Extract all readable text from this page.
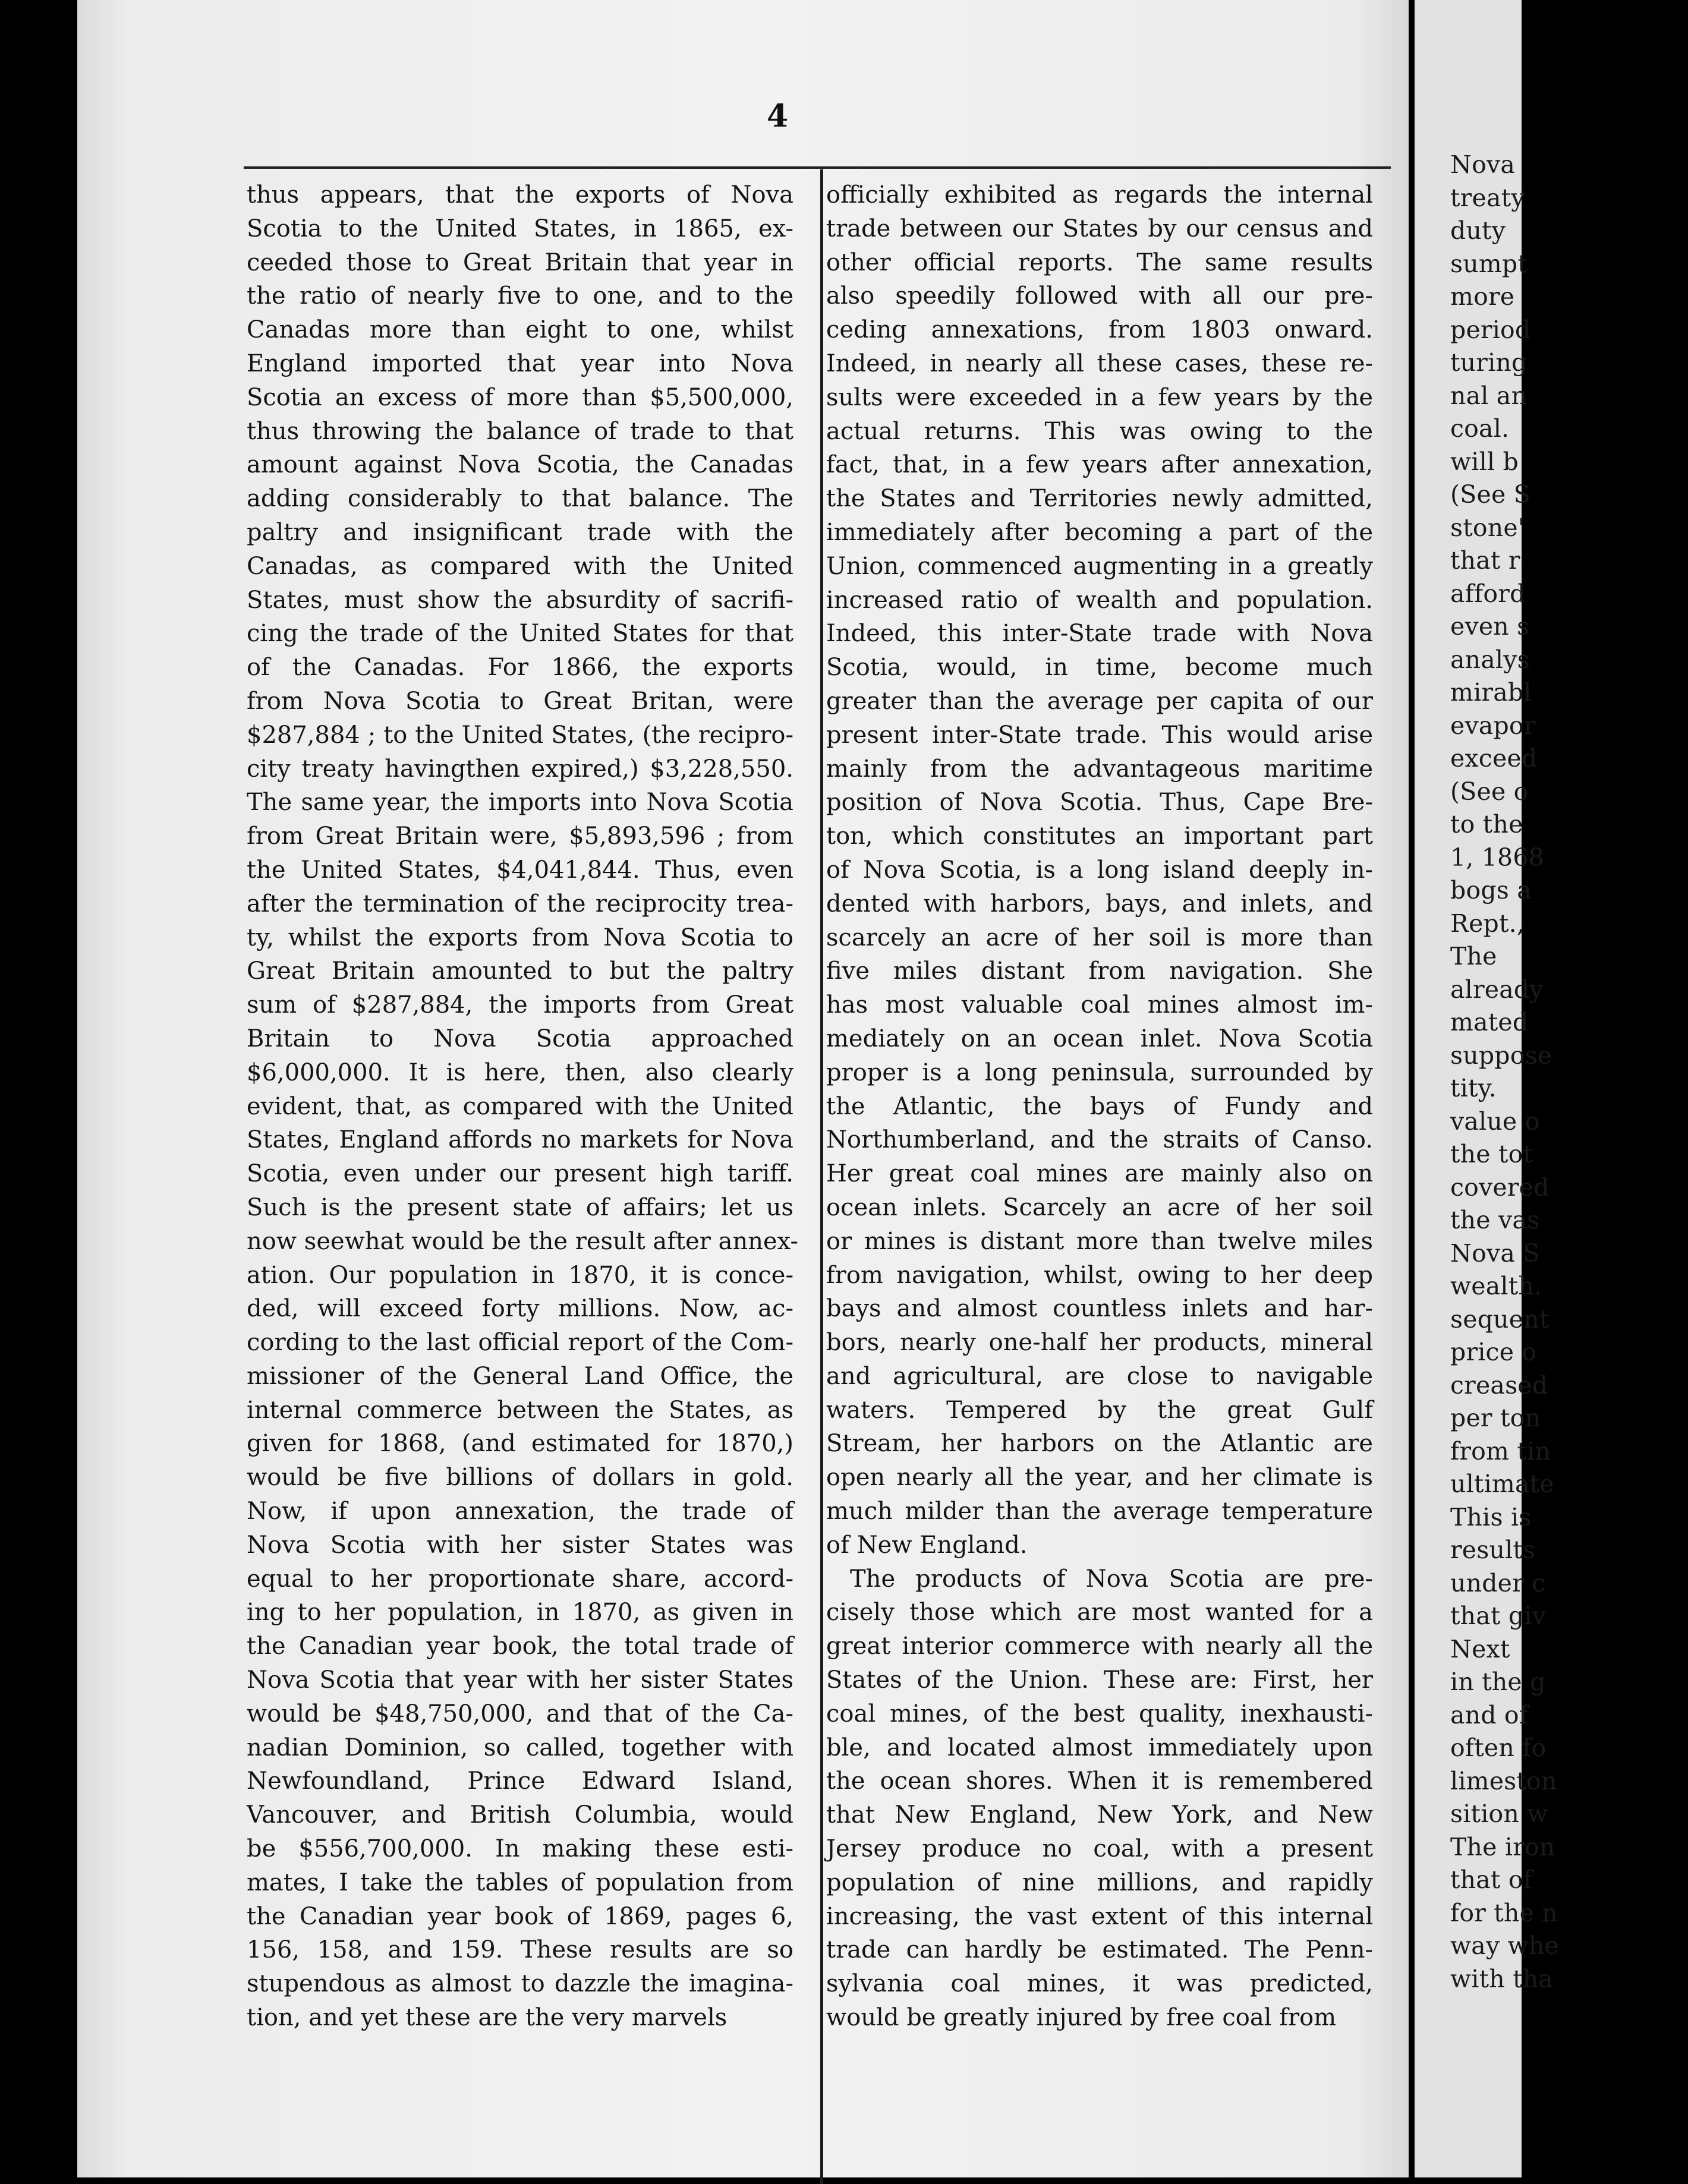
Nova
treaty
duty
sumpt
more
period
turing
nal an
coal.
will b
(See S
stone'
that r
afford
even s
analys
mirabl
evapor
exceed
(See o
to the
1, 1868
bogs a
Rept.,
The
already
mated
suppose
tity.
value o
the tot
covered
the vas
Nova S
wealth.
sequent
price o
creased
per ton
from tin
ultimate
This is
results
under c
that giv
Next
in the g
and of
often fo
limeston
sition w
The iron
that of
for the n
way whe
with tha
4
thus appears, that the exports of Nova
Scotia to the United States, in 1865, ex-
ceeded those to Great Britain that year in
the ratio of nearly five to one, and to the
Canadas more than eight to one, whilst
England imported that year into Nova
Scotia an excess of more than $5,500,000,
thus throwing the balance of trade to that
amount against Nova Scotia, the Canadas
adding considerably to that balance. The
paltry and insignificant trade with the
Canadas, as compared with the United
States, must show the absurdity of sacrifi-
cing the trade of the United States for that
of the Canadas. For 1866, the exports
from Nova Scotia to Great Britan, were
$287,884 ; to the United States, (the recipro-
city treaty havingthen expired,) $3,228,550.
The same year, the imports into Nova Scotia
from Great Britain were, $5,893,596 ; from
the United States, $4,041,844. Thus, even
after the termination of the reciprocity trea-
ty, whilst the exports from Nova Scotia to
Great Britain amounted to but the paltry
sum of $287,884, the imports from Great
Britain to Nova Scotia approached
$6,000,000. It is here, then, also clearly
evident, that, as compared with the United
States, England affords no markets for Nova
Scotia, even under our present high tariff.
Such is the present state of affairs; let us
now seewhat would be the result after annex-
ation. Our population in 1870, it is conce-
ded, will exceed forty millions. Now, ac-
cording to the last official report of the Com-
missioner of the General Land Office, the
internal commerce between the States, as
given for 1868, (and estimated for 1870,)
would be five billions of dollars in gold.
Now, if upon annexation, the trade of
Nova Scotia with her sister States was
equal to her proportionate share, accord-
ing to her population, in 1870, as given in
the Canadian year book, the total trade of
Nova Scotia that year with her sister States
would be $48,750,000, and that of the Ca-
nadian Dominion, so called, together with
Newfoundland, Prince Edward Island,
Vancouver, and British Columbia, would
be $556,700,000. In making these esti-
mates, I take the tables of population from
the Canadian year book of 1869, pages 6,
156, 158, and 159. These results are so
stupendous as almost to dazzle the imagina-
tion, and yet these are the very marvels
officially exhibited as regards the internal
trade between our States by our census and
other official reports. The same results
also speedily followed with all our pre-
ceding annexations, from 1803 onward.
Indeed, in nearly all these cases, these re-
sults were exceeded in a few years by the
actual returns. This was owing to the
fact, that, in a few years after annexation,
the States and Territories newly admitted,
immediately after becoming a part of the
Union, commenced augmenting in a greatly
increased ratio of wealth and population.
Indeed, this inter-State trade with Nova
Scotia, would, in time, become much
greater than the average per capita of our
present inter-State trade. This would arise
mainly from the advantageous maritime
position of Nova Scotia. Thus, Cape Bre-
ton, which constitutes an important part
of Nova Scotia, is a long island deeply in-
dented with harbors, bays, and inlets, and
scarcely an acre of her soil is more than
five miles distant from navigation. She
has most valuable coal mines almost im-
mediately on an ocean inlet. Nova Scotia
proper is a long peninsula, surrounded by
the Atlantic, the bays of Fundy and
Northumberland, and the straits of Canso.
Her great coal mines are mainly also on
ocean inlets. Scarcely an acre of her soil
or mines is distant more than twelve miles
from navigation, whilst, owing to her deep
bays and almost countless inlets and har-
bors, nearly one-half her products, mineral
and agricultural, are close to navigable
waters. Tempered by the great Gulf
Stream, her harbors on the Atlantic are
open nearly all the year, and her climate is
much milder than the average temperature
of New England.
The products of Nova Scotia are pre-
cisely those which are most wanted for a
great interior commerce with nearly all the
States of the Union. These are: First, her
coal mines, of the best quality, inexhausti-
ble, and located almost immediately upon
the ocean shores. When it is remembered
that New England, New York, and New
Jersey produce no coal, with a present
population of nine millions, and rapidly
increasing, the vast extent of this internal
trade can hardly be estimated. The Penn-
sylvania coal mines, it was predicted,
would be greatly injured by free coal from
